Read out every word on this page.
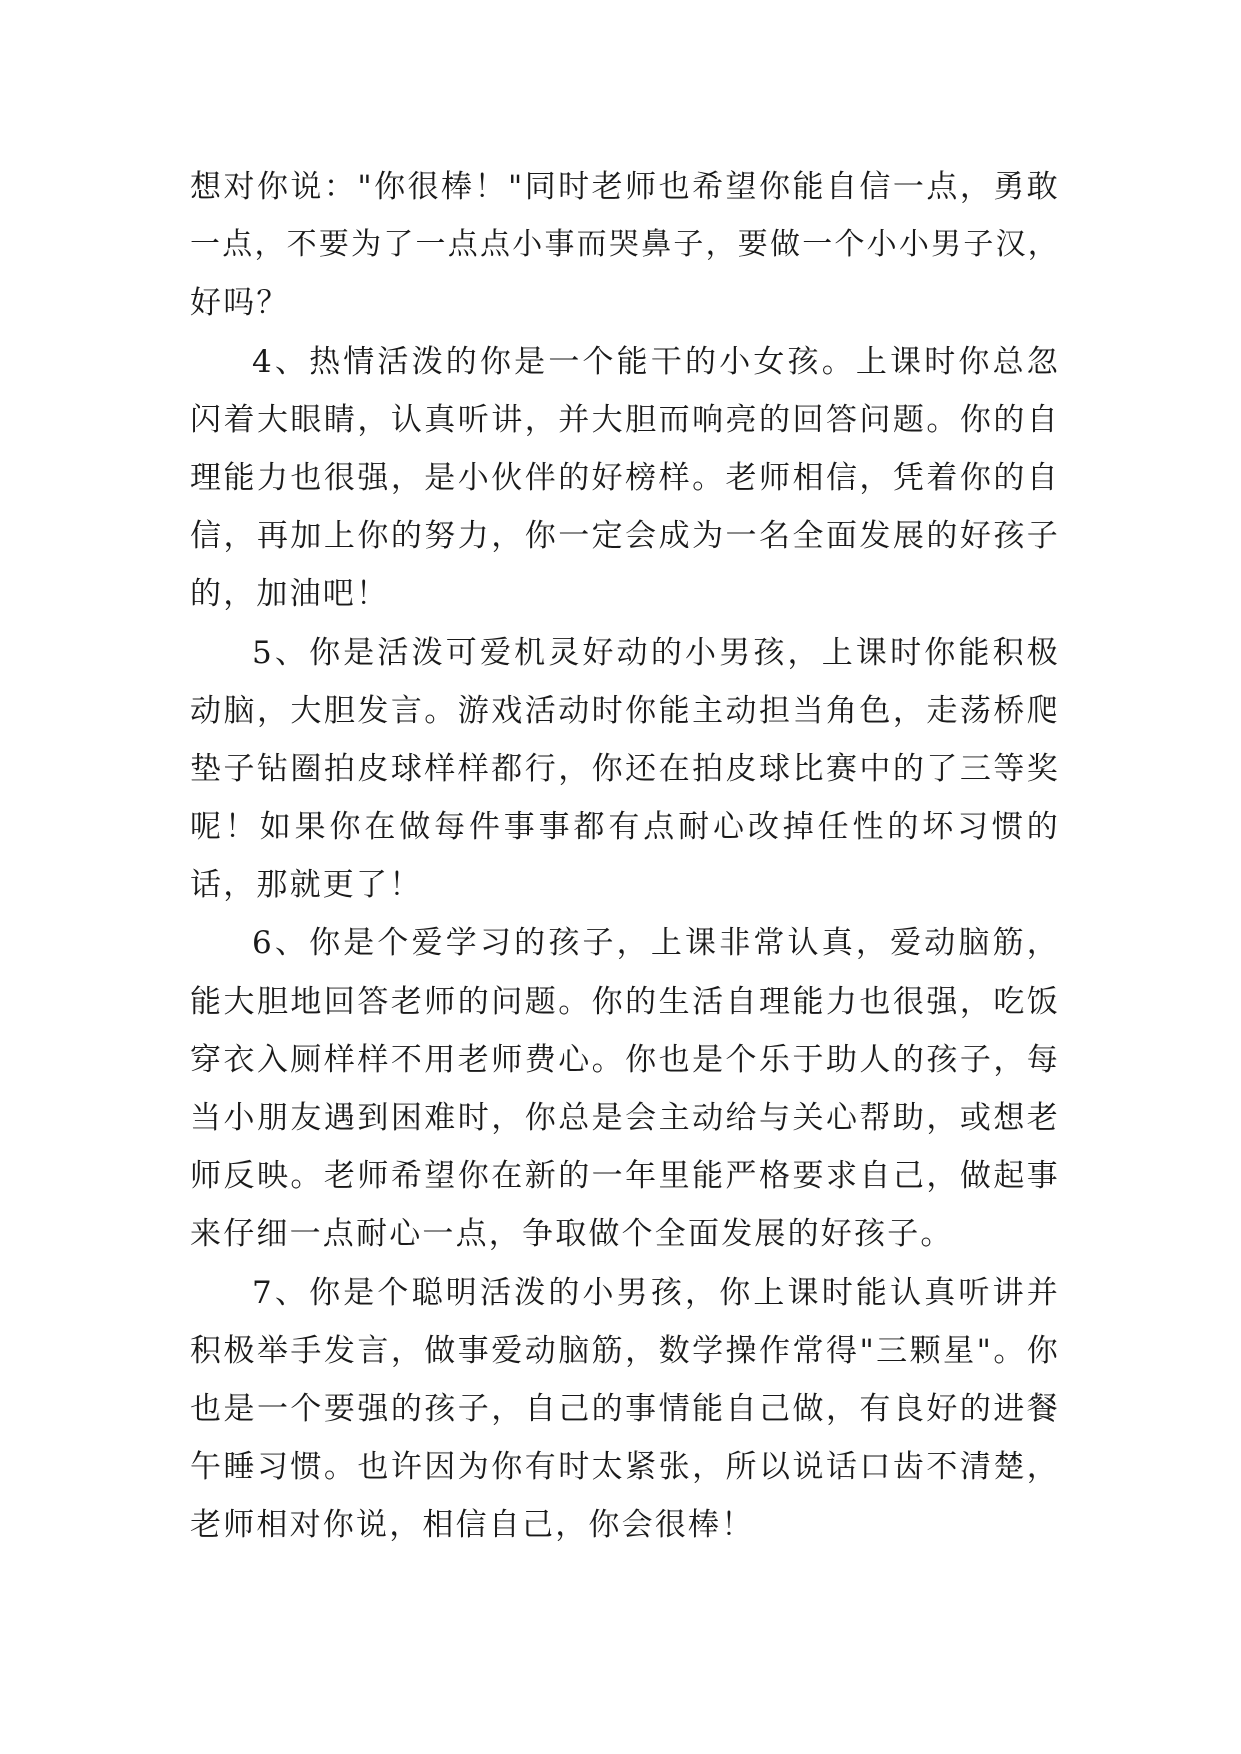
想对你说："你很棒！"同时老师也希望你能自信一点，勇敢
一点，不要为了一点点小事而哭鼻子，要做一个小小男子汉，
好吗？
4、热情活泼的你是一个能干的小女孩。上课时你总忽
闪着大眼睛，认真听讲，并大胆而响亮的回答问题。你的自
理能力也很强，是小伙伴的好榜样。老师相信，凭着你的自
信，再加上你的努力，你一定会成为一名全面发展的好孩子
的，加油吧！
5、你是活泼可爱机灵好动的小男孩，上课时你能积极
动脑，大胆发言。游戏活动时你能主动担当角色，走荡桥爬
垫子钻圈拍皮球样样都行，你还在拍皮球比赛中的了三等奖
呢！如果你在做每件事事都有点耐心改掉任性的坏习惯的
话，那就更了！
6、你是个爱学习的孩子，上课非常认真，爱动脑筋，
能大胆地回答老师的问题。你的生活自理能力也很强，吃饭
穿衣入厕样样不用老师费心。你也是个乐于助人的孩子，每
当小朋友遇到困难时，你总是会主动给与关心帮助，或想老
师反映。老师希望你在新的一年里能严格要求自己，做起事
来仔细一点耐心一点，争取做个全面发展的好孩子。
7、你是个聪明活泼的小男孩，你上课时能认真听讲并
积极举手发言，做事爱动脑筋，数学操作常得"三颗星"。你
也是一个要强的孩子，自己的事情能自己做，有良好的进餐
午睡习惯。也许因为你有时太紧张，所以说话口齿不清楚，
老师相对你说，相信自己，你会很棒！
